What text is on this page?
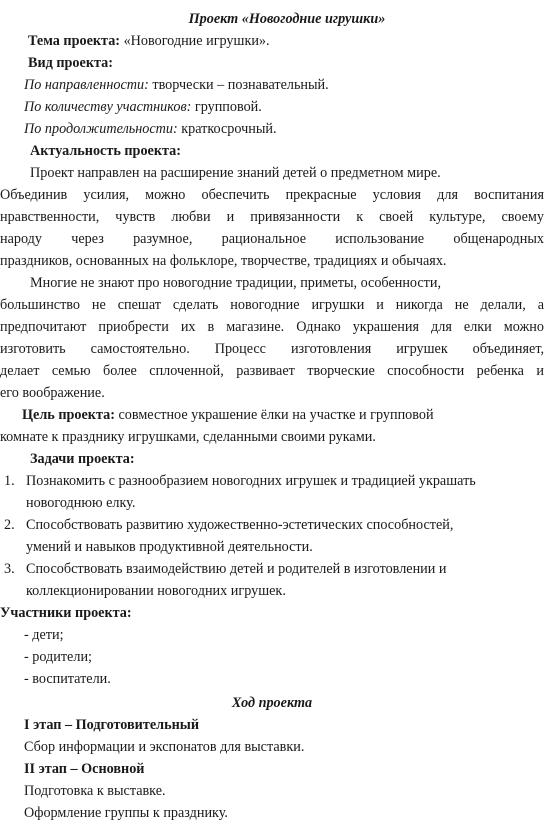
Проект «Новогодние игрушки»
Тема проекта: «Новогодние игрушки».
Вид проекта:
По направленности: творчески – познавательный.
По количеству участников: групповой.
По продолжительности: краткосрочный.
Актуальность проекта:
Проект направлен на расширение знаний детей о предметном мире.
Объединив усилия, можно обеспечить прекрасные условия для воспитания
нравственности, чувств любви и привязанности к своей культуре, своему
народу через разумное, рациональное использование общенародных
праздников, основанных на фольклоре, творчестве, традициях и обычаях.
Многие не знают про новогодние традиции, приметы, особенности,
большинство не спешат сделать новогодние игрушки и никогда не делали, а
предпочитают приобрести их в магазине. Однако украшения для елки можно
изготовить самостоятельно. Процесс изготовления игрушек объединяет,
делает семью более сплоченной, развивает творческие способности ребенка и
его воображение.
Цель проекта: совместное украшение ёлки на участке и групповой
комнате к празднику игрушками, сделанными своими руками.
Задачи проекта:
1. Познакомить с разнообразием новогодних игрушек и традицией украшать
новогоднюю елку.
2. Способствовать развитию художественно-эстетических способностей,
умений и навыков продуктивной деятельности.
3. Способствовать взаимодействию детей и родителей в изготовлении и
коллекционировании новогодних игрушек.
Участники проекта:
- дети;
- родители;
- воспитатели.
Ход проекта
I этап – Подготовительный
Сбор информации и экспонатов для выставки.
II этап – Основной
Подготовка к выставке.
Оформление группы к празднику.
